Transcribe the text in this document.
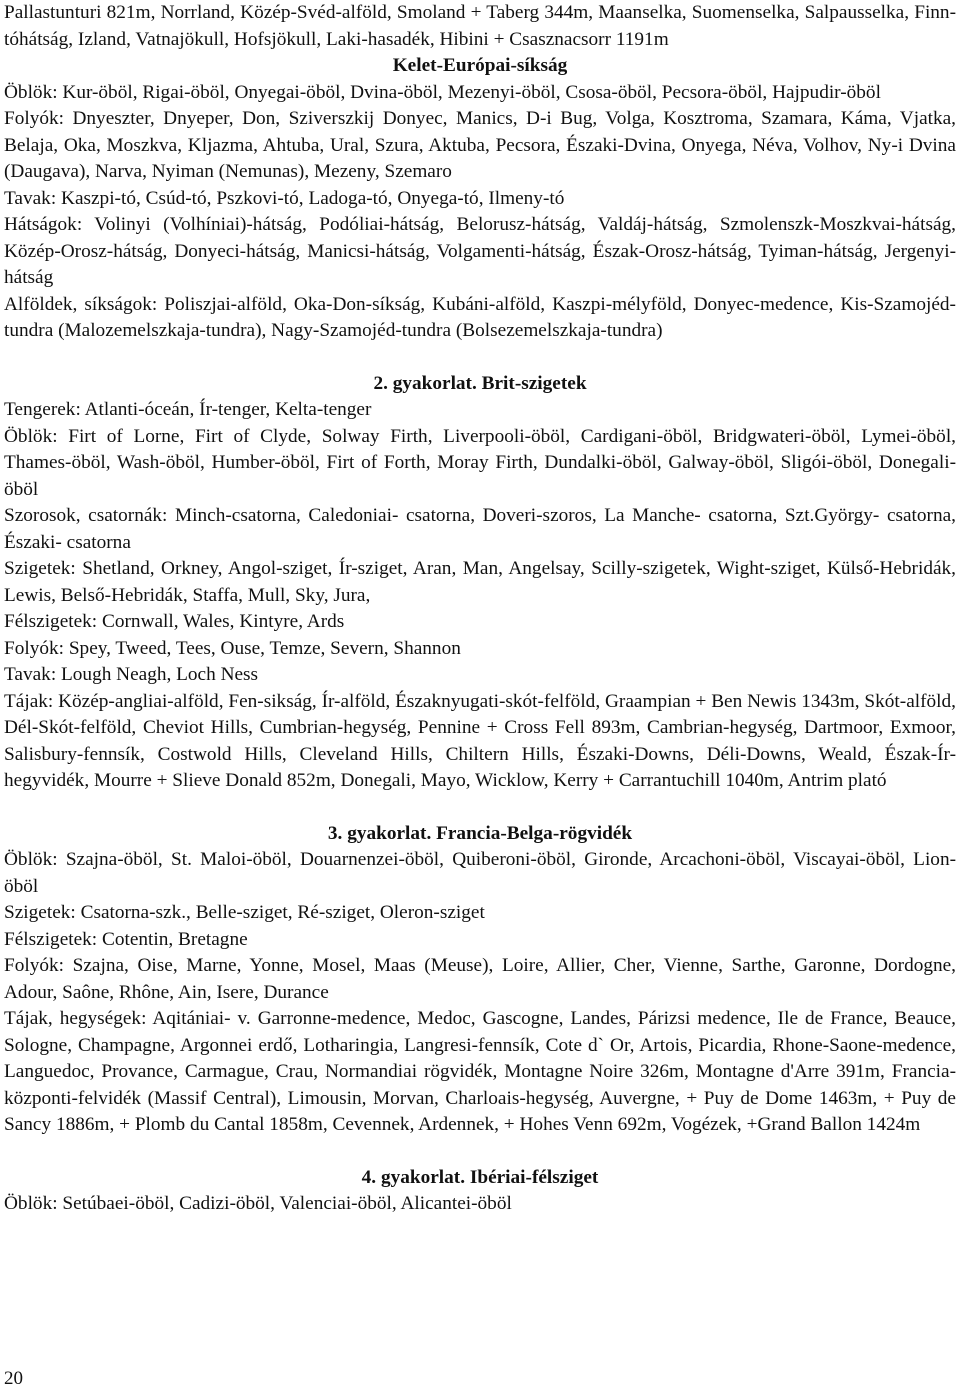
Pallastunturi 821m, Norrland, Közép-Svéd-alföld, Smoland + Taberg 344m, Maanselka, Suomenselka, Salpausselka, Finn-tóhátság, Izland, Vatnajökull, Hofsjökull, Laki-hasadék, Hibini + Csasznacsorr 1191m

Kelet-Európai-síkság

Öblök: Kur-öböl, Rigai-öböl, Onyegai-öböl, Dvina-öböl, Mezenyi-öböl, Csosa-öböl, Pecsora-öböl, Hajpudir-öböl

Folyók: Dnyeszter, Dnyeper, Don, Sziverszkij Donyec, Manics, D-i Bug, Volga, Kosztroma, Szamara, Káma, Vjatka, Belaja, Oka, Moszkva, Kljazma, Ahtuba, Ural, Szura, Aktuba, Pecsora, Északi-Dvina, Onyega, Néva, Volhov, Ny-i Dvina (Daugava), Narva, Nyiman (Nemunas), Mezeny, Szemaro

Tavak: Kaszpi-tó, Csúd-tó, Pszkovi-tó, Ladoga-tó, Onyega-tó, Ilmeny-tó

Hátságok: Volinyi (Volhíniai)-hátság, Podóliai-hátság, Belorusz-hátság, Valdáj-hátság, Szmolenszk-Moszkvai-hátság, Közép-Orosz-hátság, Donyeci-hátság, Manicsi-hátság, Volgamenti-hátság, Észak-Orosz-hátság, Tyiman-hátság, Jergenyi-hátság

Alföldek, síkságok: Poliszjai-alföld, Oka-Don-síkság, Kubáni-alföld, Kaszpi-mélyföld, Donyec-medence, Kis-Szamojéd-tundra (Malozemelszkaja-tundra), Nagy-Szamojéd-tundra (Bolsezemelszkaja-tundra)

2. gyakorlat. Brit-szigetek

Tengerek: Atlanti-óceán, Ír-tenger, Kelta-tenger

Öblök: Firt of Lorne, Firt of Clyde, Solway Firth, Liverpooli-öböl, Cardigani-öböl, Bridgwateri-öböl, Lymei-öböl, Thames-öböl, Wash-öböl, Humber-öböl, Firt of Forth, Moray Firth, Dundalki-öböl, Galway-öböl, Sligói-öböl, Donegali-öböl

Szorosok, csatornák: Minch-csatorna, Caledoniai- csatorna, Doveri-szoros, La Manche- csatorna, Szt.György- csatorna, Északi- csatorna

Szigetek: Shetland, Orkney, Angol-sziget, Ír-sziget, Aran, Man, Angelsay, Scilly-szigetek, Wight-sziget, Külső-Hebridák, Lewis, Belső-Hebridák, Staffa, Mull, Sky, Jura,

Félszigetek: Cornwall, Wales, Kintyre, Ards

Folyók: Spey, Tweed, Tees, Ouse, Temze, Severn, Shannon

Tavak: Lough Neagh, Loch Ness

Tájak: Közép-angliai-alföld, Fen-sikság, Ír-alföld, Északnyugati-skót-felföld, Graampian + Ben Newis 1343m, Skót-alföld, Dél-Skót-felföld, Cheviot Hills, Cumbrian-hegység, Pennine + Cross Fell 893m, Cambrian-hegység, Dartmoor, Exmoor, Salisbury-fennsík, Costwold Hills, Cleveland Hills, Chiltern Hills, Északi-Downs, Déli-Downs, Weald, Észak-Ír-hegyvidék, Mourre + Slieve Donald 852m, Donegali, Mayo, Wicklow, Kerry + Carrantuchill 1040m, Antrim plató

3. gyakorlat. Francia-Belga-rögvidék

Öblök: Szajna-öböl, St. Maloi-öböl, Douarnenzei-öböl, Quiberoni-öböl, Gironde, Arcachoni-öböl, Viscayai-öböl, Lion-öböl

Szigetek: Csatorna-szk., Belle-sziget, Ré-sziget, Oleron-sziget

Félszigetek: Cotentin, Bretagne

Folyók: Szajna, Oise, Marne, Yonne, Mosel, Maas (Meuse), Loire, Allier, Cher, Vienne, Sarthe, Garonne, Dordogne, Adour, Saône, Rhône, Ain, Isere, Durance

Tájak, hegységek: Aqitániai- v. Garronne-medence, Medoc, Gascogne, Landes, Párizsi medence, Ile de France, Beauce, Sologne, Champagne, Argonnei erdő, Lotharingia, Langresi-fennsík, Cote d` Or, Artois, Picardia, Rhone-Saone-medence, Languedoc, Provance, Carmague, Crau, Normandiai rögvidék, Montagne Noire 326m, Montagne d'Arre 391m, Francia-központi-felvidék (Massif Central), Limousin, Morvan, Charloais-hegység, Auvergne, + Puy de Dome 1463m, + Puy de Sancy 1886m, + Plomb du Cantal 1858m, Cevennek, Ardennek, + Hohes Venn 692m, Vogézek, +Grand Ballon 1424m

4. gyakorlat. Ibériai-félsziget

Öblök: Setúbaei-öböl, Cadizi-öböl, Valenciai-öböl, Alicantei-öböl

20
